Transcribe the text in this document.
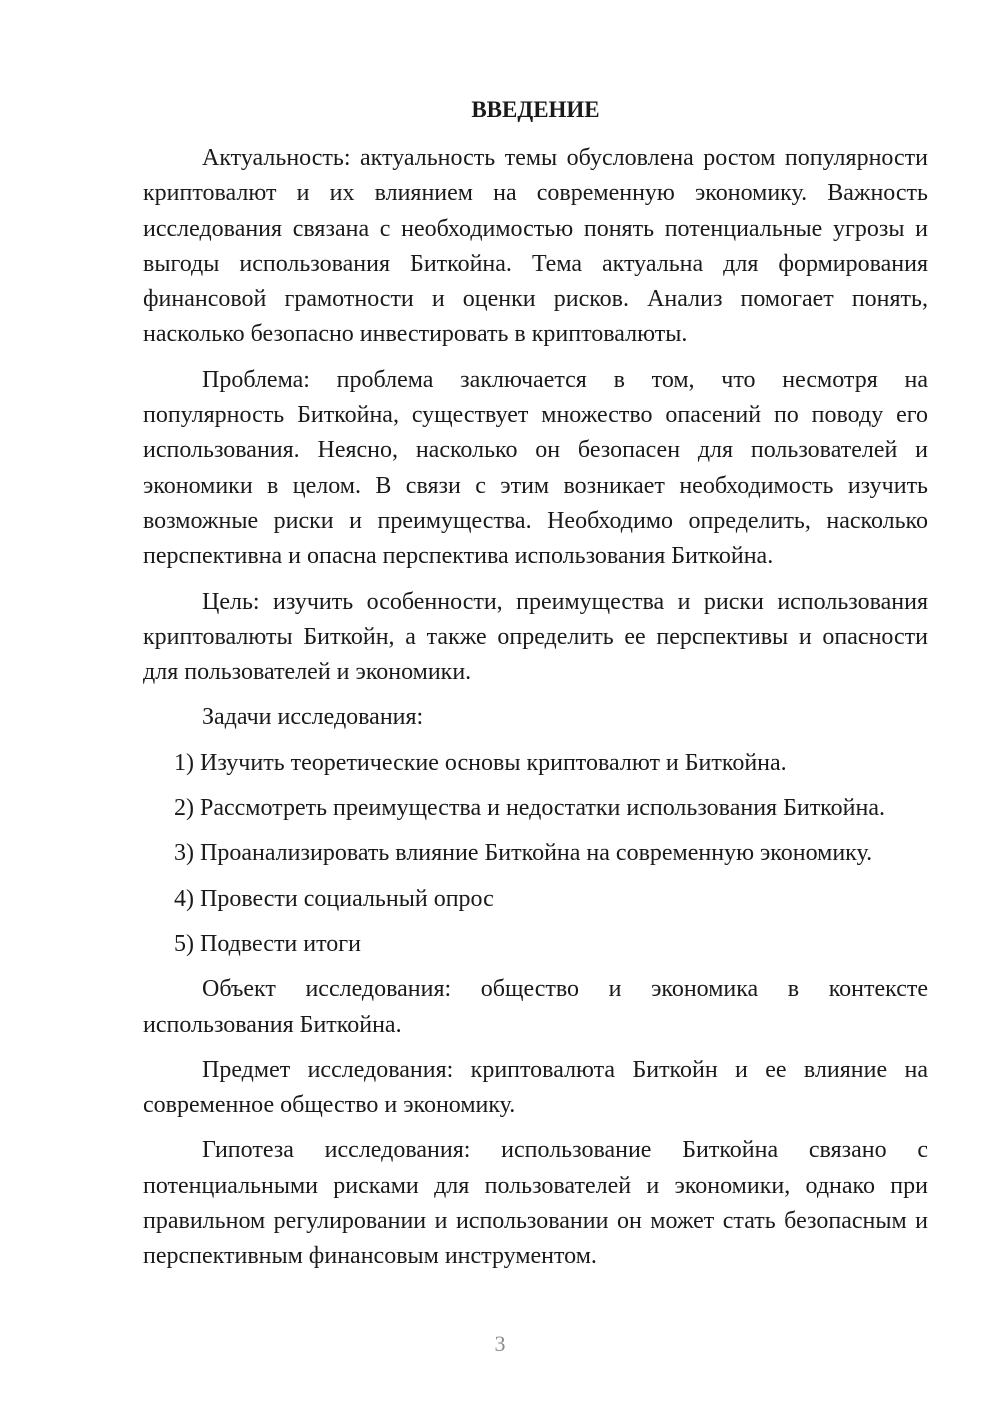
ВВЕДЕНИЕ

Актуальность: актуальность темы обусловлена ростом популярности криптовалют и их влиянием на современную экономику. Важность исследования связана с необходимостью понять потенциальные угрозы и выгоды использования Биткойна. Тема актуальна для формирования финансовой грамотности и оценки рисков. Анализ помогает понять, насколько безопасно инвестировать в криптовалюты.

Проблема: проблема заключается в том, что несмотря на популярность Биткойна, существует множество опасений по поводу его использования. Неясно, насколько он безопасен для пользователей и экономики в целом. В связи с этим возникает необходимость изучить возможные риски и преимущества. Необходимо определить, насколько перспективна и опасна перспектива использования Биткойна.

Цель: изучить особенности, преимущества и риски использования криптовалюты Биткойн, а также определить ее перспективы и опасности для пользователей и экономики.

Задачи исследования:

1) Изучить теоретические основы криптовалют и Биткойна.
2) Рассмотреть преимущества и недостатки использования Биткойна.
3) Проанализировать влияние Биткойна на современную экономику.
4) Провести социальный опрос
5) Подвести итоги

Объект исследования: общество и экономика в контексте использования Биткойна.

Предмет исследования: криптовалюта Биткойн и ее влияние на современное общество и экономику.

Гипотеза исследования: использование Биткойна связано с потенциальными рисками для пользователей и экономики, однако при правильном регулировании и использовании он может стать безопасным и перспективным финансовым инструментом.

3
